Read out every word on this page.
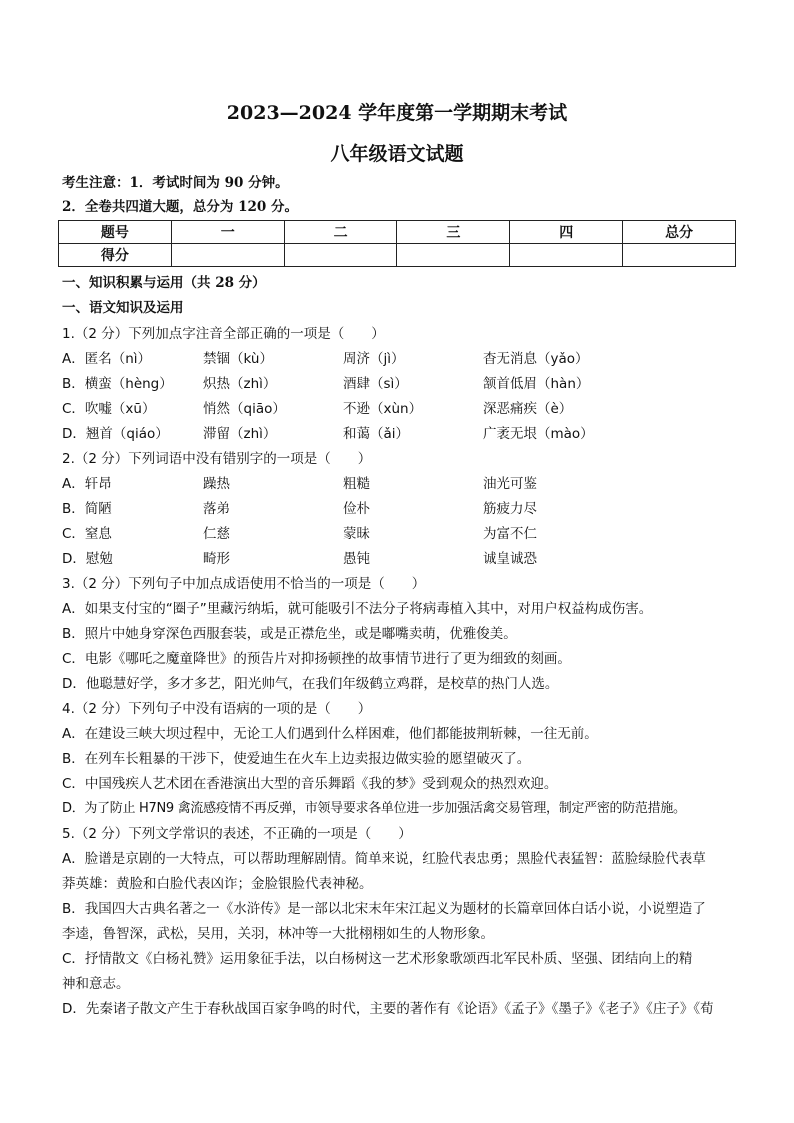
2023—2024 学年度第一学期期末考试
八年级语文试题
考生注意：1．考试时间为 90 分钟。
2．全卷共四道大题，总分为 120 分。
题号	一	二	三	四	总分
得分					
一、知识积累与运用（共 28 分）
一、语文知识及运用
1.（2 分）下列加点字注音全部正确的一项是（　　）
A．匿名（nì）	禁锢（kù）	周济（jì）	杳无消息（yǎo）
B．横蛮（hèng） 炽热（zhì）	酒肆（sì）	颔首低眉（hàn）
C．吹嘘（xū）	悄然（qiāo）	不逊（xùn）	深恶痛疾（è）
D．翘首（qiáo）	滞留（zhì）	和蔼（ǎi）	广袤无垠（mào）
2.（2 分）下列词语中没有错别字的一项是（　　）
A．轩昂	躁热	粗糙	油光可鉴
B．简陋	落弟	俭朴	筋疲力尽
C．窒息	仁慈	蒙昧	为富不仁
D．慰勉	畸形	愚钝	诚皇诚恐
3.（2 分）下列句子中加点成语使用不恰当的一项是（　　）
A．如果支付宝的“圈子”里藏污纳垢，就可能吸引不法分子将病毒植入其中，对用户权益构成伤害。
B．照片中她身穿深色西服套装，或是正襟危坐，或是嘟嘴卖萌，优雅俊美。
C．电影《哪吒之魔童降世》的预告片对抑扬顿挫的故事情节进行了更为细致的刻画。
D．他聪慧好学，多才多艺，阳光帅气，在我们年级鹤立鸡群，是校草的热门人选。
4.（2 分）下列句子中没有语病的一项的是（　　）
A．在建设三峡大坝过程中，无论工人们遇到什么样困难，他们都能披荆斩棘，一往无前。
B．在列车长粗暴的干涉下，使爱迪生在火车上边卖报边做实验的愿望破灭了。
C．中国残疾人艺术团在香港演出大型的音乐舞蹈《我的梦》受到观众的热烈欢迎。
D．为了防止 H7N9 禽流感疫情不再反弹，市领导要求各单位进一步加强活禽交易管理，制定严密的防范措施。
5.（2 分）下列文学常识的表述，不正确的一项是（　　）
A．脸谱是京剧的一大特点，可以帮助理解剧情。简单来说，红脸代表忠勇；黑脸代表猛智：蓝脸绿脸代表草
莽英雄：黄脸和白脸代表凶诈；金脸银脸代表神秘。
B．我国四大古典名著之一《水浒传》是一部以北宋末年宋江起义为题材的长篇章回体白话小说，小说塑造了
李逵，鲁智深，武松，吴用，关羽，林冲等一大批栩栩如生的人物形象。
C．抒情散文《白杨礼赞》运用象征手法，以白杨树这一艺术形象歌颂西北军民朴质、坚强、团结向上的精
神和意志。
D．先秦诸子散文产生于春秋战国百家争鸣的时代，主要的著作有《论语》《孟子》《墨子》《老子》《庄子》《荀
